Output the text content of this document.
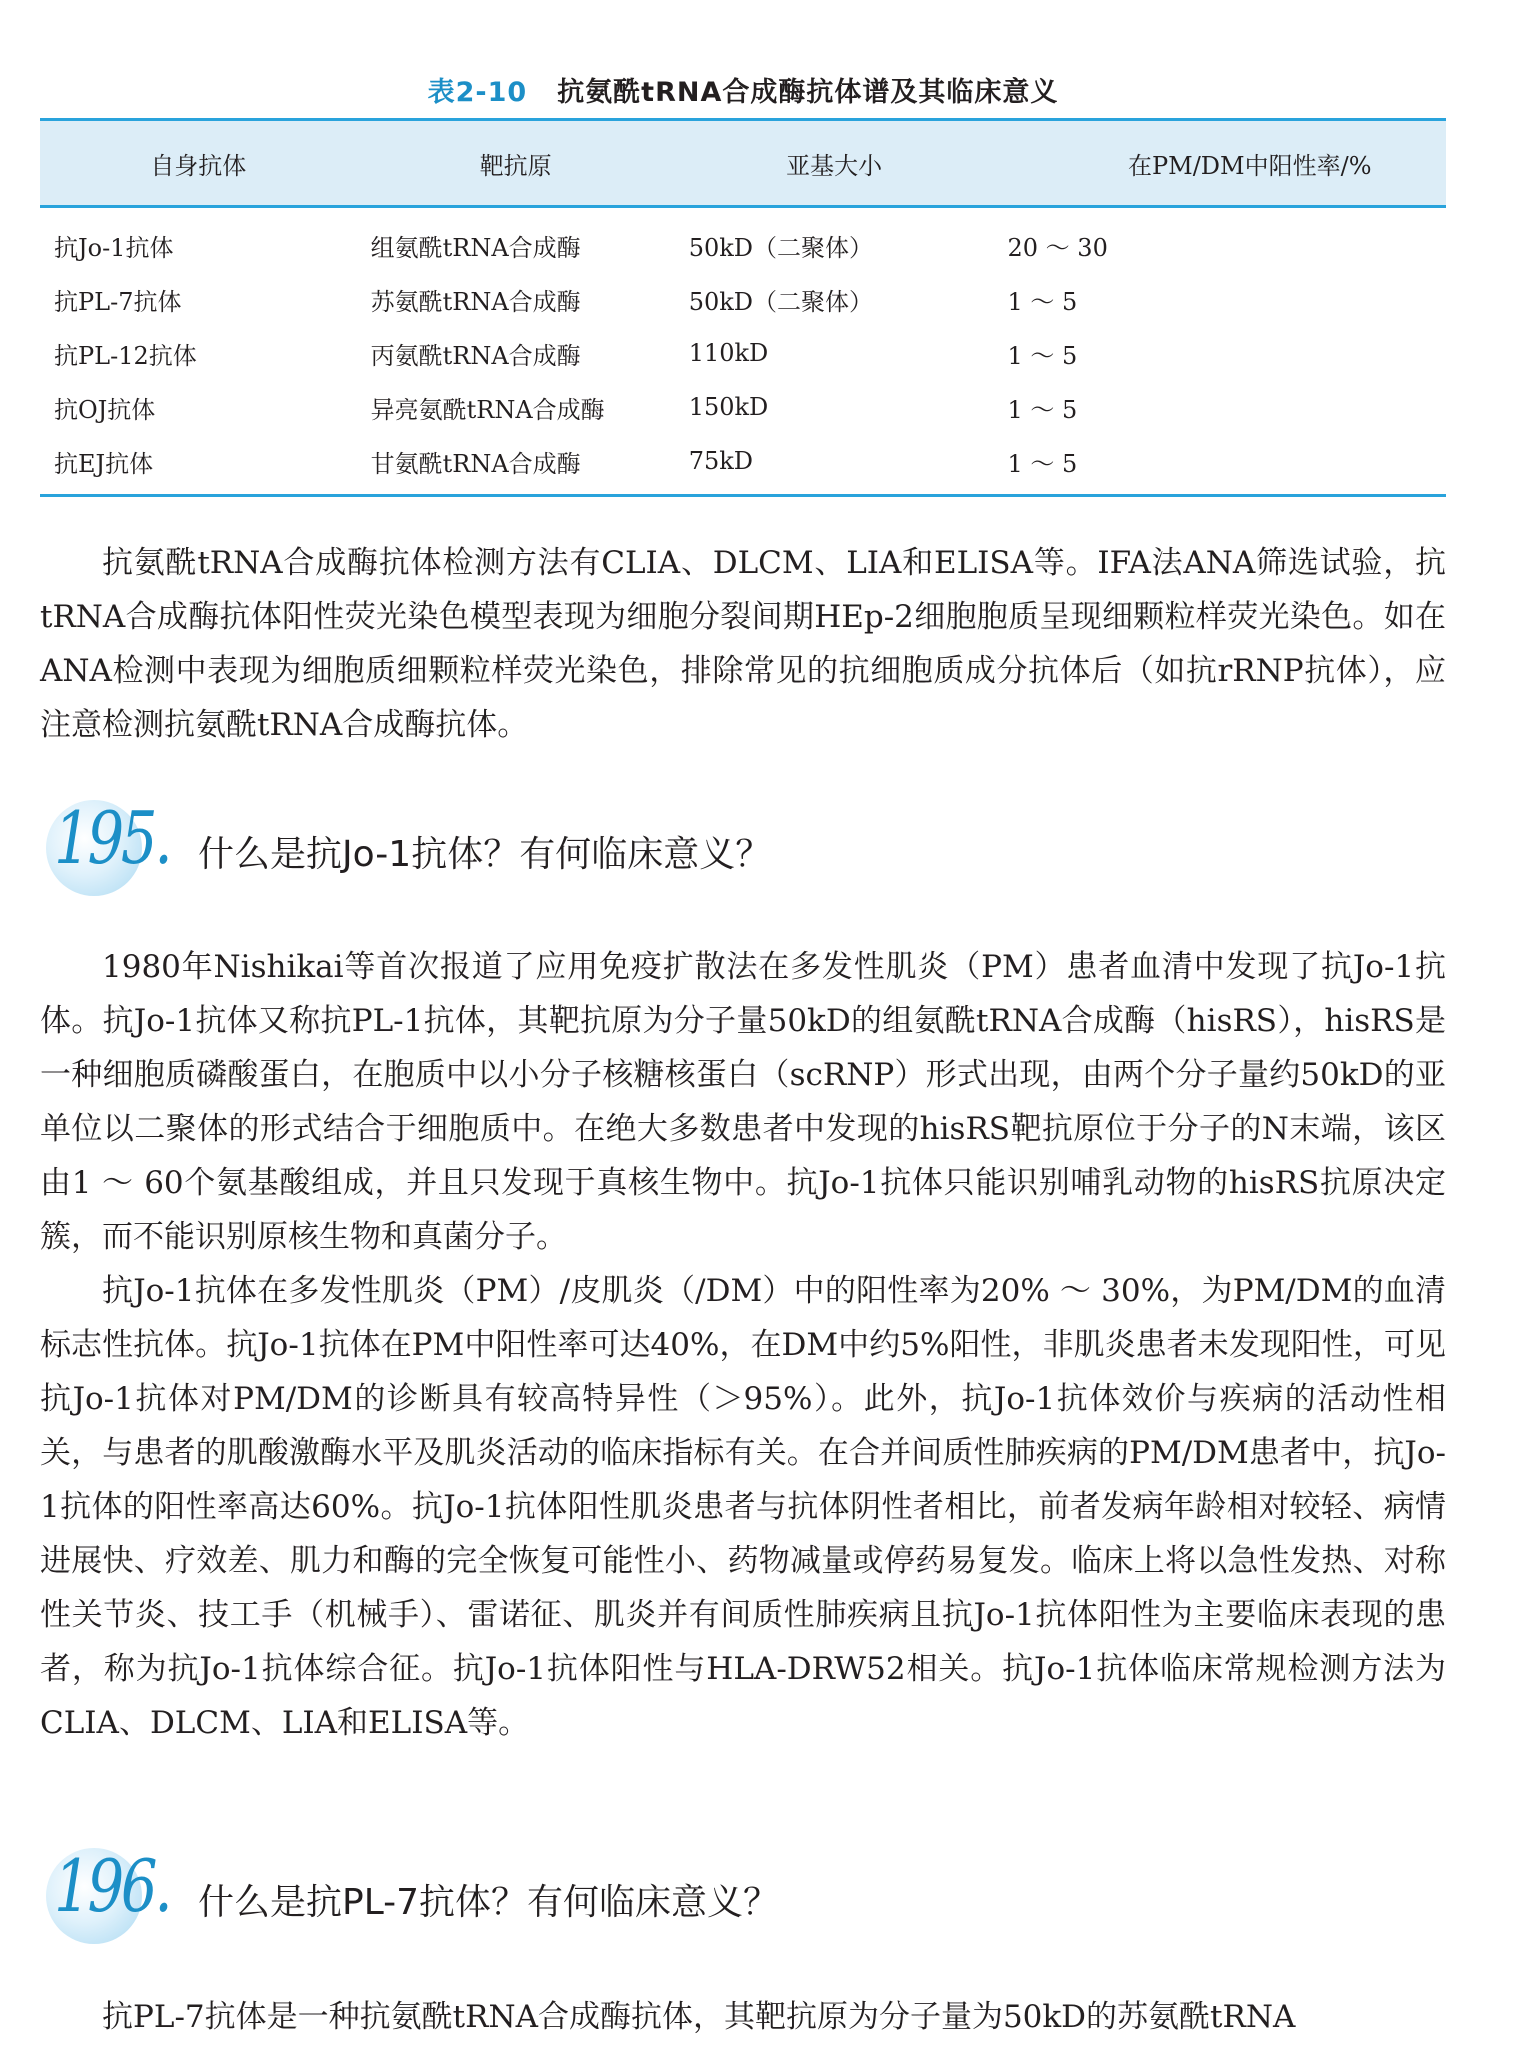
表2-10 抗氨酰tRNA合成酶抗体谱及其临床意义
自身抗体	靶抗原	亚基大小	在PM/DM中阳性率/%
抗Jo-1抗体	组氨酰tRNA合成酶	50kD（二聚体）	20 ～ 30
抗PL-7抗体	苏氨酰tRNA合成酶	50kD（二聚体）	1 ～ 5
抗PL-12抗体	丙氨酰tRNA合成酶	110kD	1 ～ 5
抗OJ抗体	异亮氨酰tRNA合成酶	150kD	1 ～ 5
抗EJ抗体	甘氨酰tRNA合成酶	75kD	1 ～ 5

抗氨酰tRNA合成酶抗体检测方法有CLIA、DLCM、LIA和ELISA等。IFA法ANA筛选试验，抗tRNA合成酶抗体阳性荧光染色模型表现为细胞分裂间期HEp-2细胞胞质呈现细颗粒样荧光染色。如在ANA检测中表现为细胞质细颗粒样荧光染色，排除常见的抗细胞质成分抗体后（如抗rRNP抗体），应注意检测抗氨酰tRNA合成酶抗体。

195. 什么是抗Jo-1抗体？有何临床意义？

1980年Nishikai等首次报道了应用免疫扩散法在多发性肌炎（PM）患者血清中发现了抗Jo-1抗体。抗Jo-1抗体又称抗PL-1抗体，其靶抗原为分子量50kD的组氨酰tRNA合成酶（hisRS），hisRS是一种细胞质磷酸蛋白，在胞质中以小分子核糖核蛋白（scRNP）形式出现，由两个分子量约50kD的亚单位以二聚体的形式结合于细胞质中。在绝大多数患者中发现的hisRS靶抗原位于分子的N末端，该区由1 ～ 60个氨基酸组成，并且只发现于真核生物中。抗Jo-1抗体只能识别哺乳动物的hisRS抗原决定簇，而不能识别原核生物和真菌分子。

抗Jo-1抗体在多发性肌炎（PM）/皮肌炎（/DM）中的阳性率为20% ～ 30%，为PM/DM的血清标志性抗体。抗Jo-1抗体在PM中阳性率可达40%，在DM中约5%阳性，非肌炎患者未发现阳性，可见抗Jo-1抗体对PM/DM的诊断具有较高特异性（＞95%）。此外，抗Jo-1抗体效价与疾病的活动性相关，与患者的肌酸激酶水平及肌炎活动的临床指标有关。在合并间质性肺疾病的PM/DM患者中，抗Jo-1抗体的阳性率高达60%。抗Jo-1抗体阳性肌炎患者与抗体阴性者相比，前者发病年龄相对较轻、病情进展快、疗效差、肌力和酶的完全恢复可能性小、药物减量或停药易复发。临床上将以急性发热、对称性关节炎、技工手（机械手）、雷诺征、肌炎并有间质性肺疾病且抗Jo-1抗体阳性为主要临床表现的患者，称为抗Jo-1抗体综合征。抗Jo-1抗体阳性与HLA-DRW52相关。抗Jo-1抗体临床常规检测方法为CLIA、DLCM、LIA和ELISA等。

196. 什么是抗PL-7抗体？有何临床意义？

抗PL-7抗体是一种抗氨酰tRNA合成酶抗体，其靶抗原为分子量为50kD的苏氨酰tRNA
